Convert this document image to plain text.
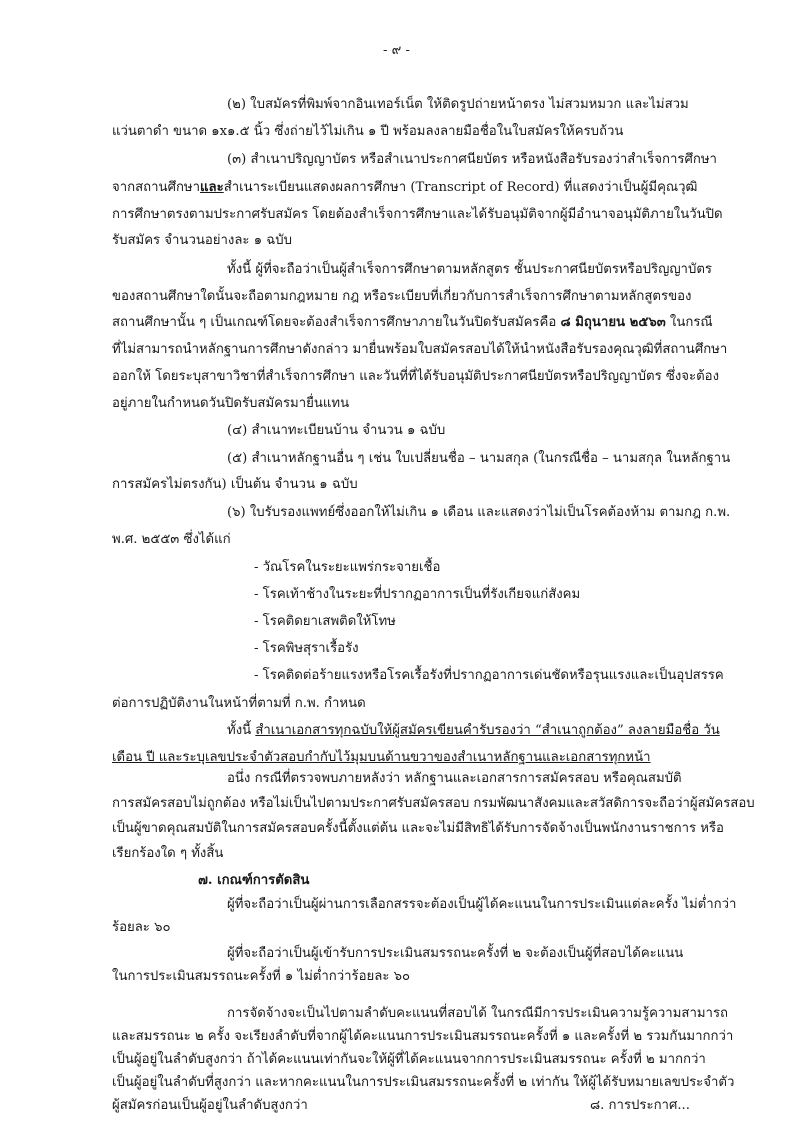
- ๙ -
(๒) ใบสมัครที่พิมพ์จากอินเทอร์เน็ต ให้ติดรูปถ่ายหน้าตรง ไม่สวมหมวก และไม่สวม
แว่นตาดำ ขนาด ๑x๑.๕ นิ้ว ซึ่งถ่ายไว้ไม่เกิน ๑ ปี พร้อมลงลายมือชื่อในใบสมัครให้ครบถ้วน
(๓) สำเนาปริญญาบัตร หรือสำเนาประกาศนียบัตร หรือหนังสือรับรองว่าสำเร็จการศึกษา
จากสถานศึกษาและสำเนาระเบียนแสดงผลการศึกษา (Transcript of Record) ที่แสดงว่าเป็นผู้มีคุณวุฒิ
การศึกษาตรงตามประกาศรับสมัคร โดยต้องสำเร็จการศึกษาและได้รับอนุมัติจากผู้มีอำนาจอนุมัติภายในวันปิด
รับสมัคร จำนวนอย่างละ ๑ ฉบับ
ทั้งนี้ ผู้ที่จะถือว่าเป็นผู้สำเร็จการศึกษาตามหลักสูตร ชั้นประกาศนียบัตรหรือปริญญาบัตร
ของสถานศึกษาใดนั้นจะถือตามกฎหมาย กฎ หรือระเบียบที่เกี่ยวกับการสำเร็จการศึกษาตามหลักสูตรของ
สถานศึกษานั้น ๆ เป็นเกณฑ์โดยจะต้องสำเร็จการศึกษาภายในวันปิดรับสมัครคือ ๘ มิถุนายน ๒๕๖๓ ในกรณี
ที่ไม่สามารถนำหลักฐานการศึกษาดังกล่าว มายื่นพร้อมใบสมัครสอบได้ให้นำหนังสือรับรองคุณวุฒิที่สถานศึกษา
ออกให้ โดยระบุสาขาวิชาที่สำเร็จการศึกษา และวันที่ที่ได้รับอนุมัติประกาศนียบัตรหรือปริญญาบัตร ซึ่งจะต้อง
อยู่ภายในกำหนดวันปิดรับสมัครมายื่นแทน
(๔) สำเนาทะเบียนบ้าน จำนวน ๑ ฉบับ
(๕) สำเนาหลักฐานอื่น ๆ เช่น ใบเปลี่ยนชื่อ – นามสกุล (ในกรณีชื่อ – นามสกุล ในหลักฐาน
การสมัครไม่ตรงกัน) เป็นต้น จำนวน ๑ ฉบับ
(๖) ใบรับรองแพทย์ซึ่งออกให้ไม่เกิน ๑ เดือน และแสดงว่าไม่เป็นโรคต้องห้าม ตามกฎ ก.พ.
พ.ศ. ๒๕๕๓ ซึ่งได้แก่
- วัณโรคในระยะแพร่กระจายเชื้อ
- โรคเท้าช้างในระยะที่ปรากฏอาการเป็นที่รังเกียจแก่สังคม
- โรคติดยาเสพติดให้โทษ
- โรคพิษสุราเรื้อรัง
- โรคติดต่อร้ายแรงหรือโรคเรื้อรังที่ปรากฏอาการเด่นชัดหรือรุนแรงและเป็นอุปสรรค
ต่อการปฏิบัติงานในหน้าที่ตามที่ ก.พ. กำหนด
ทั้งนี้ สำเนาเอกสารทุกฉบับให้ผู้สมัครเขียนคำรับรองว่า “สำเนาถูกต้อง” ลงลายมือชื่อ วัน
เดือน ปี และระบุเลขประจำตัวสอบกำกับไว้มุมบนด้านขวาของสำเนาหลักฐานและเอกสารทุกหน้า
อนึ่ง กรณีที่ตรวจพบภายหลังว่า หลักฐานและเอกสารการสมัครสอบ หรือคุณสมบัติ
การสมัครสอบไม่ถูกต้อง หรือไม่เป็นไปตามประกาศรับสมัครสอบ กรมพัฒนาสังคมและสวัสดิการจะถือว่าผู้สมัครสอบ
เป็นผู้ขาดคุณสมบัติในการสมัครสอบครั้งนี้ตั้งแต่ต้น และจะไม่มีสิทธิได้รับการจัดจ้างเป็นพนักงานราชการ หรือ
เรียกร้องใด ๆ ทั้งสิ้น
๗. เกณฑ์การตัดสิน
ผู้ที่จะถือว่าเป็นผู้ผ่านการเลือกสรรจะต้องเป็นผู้ได้คะแนนในการประเมินแต่ละครั้ง ไม่ต่ำกว่า
ร้อยละ ๖๐
ผู้ที่จะถือว่าเป็นผู้เข้ารับการประเมินสมรรถนะครั้งที่ ๒ จะต้องเป็นผู้ที่สอบได้คะแนน
ในการประเมินสมรรถนะครั้งที่ ๑ ไม่ต่ำกว่าร้อยละ ๖๐
การจัดจ้างจะเป็นไปตามลำดับคะแนนที่สอบได้ ในกรณีมีการประเมินความรู้ความสามารถ
และสมรรถนะ ๒ ครั้ง จะเรียงลำดับที่จากผู้ได้คะแนนการประเมินสมรรถนะครั้งที่ ๑ และครั้งที่ ๒ รวมกันมากกว่า
เป็นผู้อยู่ในลำดับสูงกว่า ถ้าได้คะแนนเท่ากันจะให้ผู้ที่ได้คะแนนจากการประเมินสมรรถนะ ครั้งที่ ๒ มากกว่า
เป็นผู้อยู่ในลำดับที่สูงกว่า และหากคะแนนในการประเมินสมรรถนะครั้งที่ ๒ เท่ากัน ให้ผู้ได้รับหมายเลขประจำตัว
ผู้สมัครก่อนเป็นผู้อยู่ในลำดับสูงกว่า	๘. การประกาศ...
